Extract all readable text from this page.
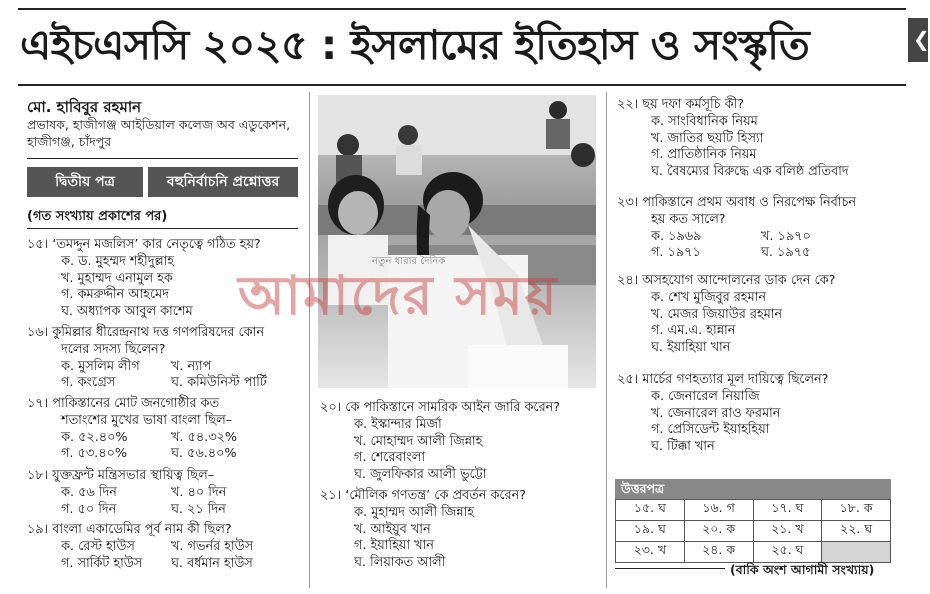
এইচএসসি ২০২৫ : ইসলামের ইতিহাস ও সংস্কৃতি	❮
মো. হাবিবুর রহমান
প্রভাষক, হাজীগঞ্জ আইডিয়াল কলেজ অব এডুকেশন, হাজীগঞ্জ, চাঁদপুর
দ্বিতীয় পত্র	বহুনির্বাচনি প্রশ্নোত্তর
(গত সংখ্যায় প্রকাশের পর)
১৫। ‘তমদ্দুন মজলিস’ কার নেতৃত্বে গঠিত হয়?
ক. ড. মুহম্মদ শহীদুল্লাহ
খ. মুহাম্মদ এনামুল হক
গ. কমরুদ্দীন আহমেদ
ঘ. অধ্যাপক আবুল কাশেম
১৬। কুমিল্লার ধীরেন্দ্রনাথ দত্ত গণপরিষদের কোন
দলের সদস্য ছিলেন?
ক. মুসলিম লীগ খ. ন্যাপ
গ. কংগ্রেস	ঘ. কমিউনিস্ট পার্টি
১৭। পাকিস্তানের মোট জনগোষ্ঠীর কত
শতাংশের মুখের ভাষা বাংলা ছিল–
ক. ৫২.৪০%	খ. ৫৪.৩২%
গ. ৫৩.৪০%	ঘ. ৫৬.৪০%
১৮। যুক্তফ্রন্ট মন্ত্রিসভার স্থায়িত্ব ছিল–
ক. ৫৬ দিন	খ. ৪০ দিন
গ. ৫০ দিন	ঘ. ২১ দিন
১৯। বাংলা একাডেমির পূর্ব নাম কী ছিল?
ক. রেস্ট হাউস	খ. গভর্নর হাউস
গ. সার্কিট হাউস ঘ. বর্ধমান হাউস
আমাদের সময়
নতুন ধারার দৈনিক
২০। কে পাকিস্তানে সামরিক আইন জারি করেন?
ক. ইস্কান্দার মির্জা
খ. মোহাম্মদ আলী জিন্নাহ
গ. শেরেবাংলা
ঘ. জুলফিকার আলী ভুট্টো
২১। ‘মৌলিক গণতন্ত্র’ কে প্রবর্তন করেন?
ক. মুহাম্মদ আলী জিন্নাহ
খ. আইয়ুব খান
গ. ইয়াহিয়া খান
ঘ. লিয়াকত আলী
২২। ছয় দফা কর্মসূচি কী?
ক. সাংবিধানিক নিয়ম
খ. জাতির ছয়টি হিস্যা
গ. প্রাতিষ্ঠানিক নিয়ম
ঘ. বৈষম্যের বিরুদ্ধে এক বলিষ্ঠ প্রতিবাদ
২৩। পাকিস্তানে প্রথম অবাধ ও নিরপেক্ষ নির্বাচন
হয় কত সালে?
ক. ১৯৬৯	খ. ১৯৭০
গ. ১৯৭১	ঘ. ১৯৭৫
২৪। অসহযোগ আন্দোলনের ডাক দেন কে?
ক. শেখ মুজিবুর রহমান
খ. মেজর জিয়াউর রহমান
গ. এম.এ. হান্নান
ঘ. ইয়াহিয়া খান
২৫। মার্চের গণহত্যার মূল দায়িত্বে ছিলেন?
ক. জেনারেল নিয়াজি
খ. জেনারেল রাও ফরমান
গ. প্রেসিডেন্ট ইয়াহহিয়া
ঘ. টিক্কা খান
উত্তরপত্র
১৫. ঘ	১৬. গ	১৭. ঘ	১৮. ক
১৯. ঘ	২০. ক	২১. খ	২২. ঘ
২৩. খ	২৪. ক	২৫. ঘ	
(বাকি অংশ আগামী সংখ্যায়)
